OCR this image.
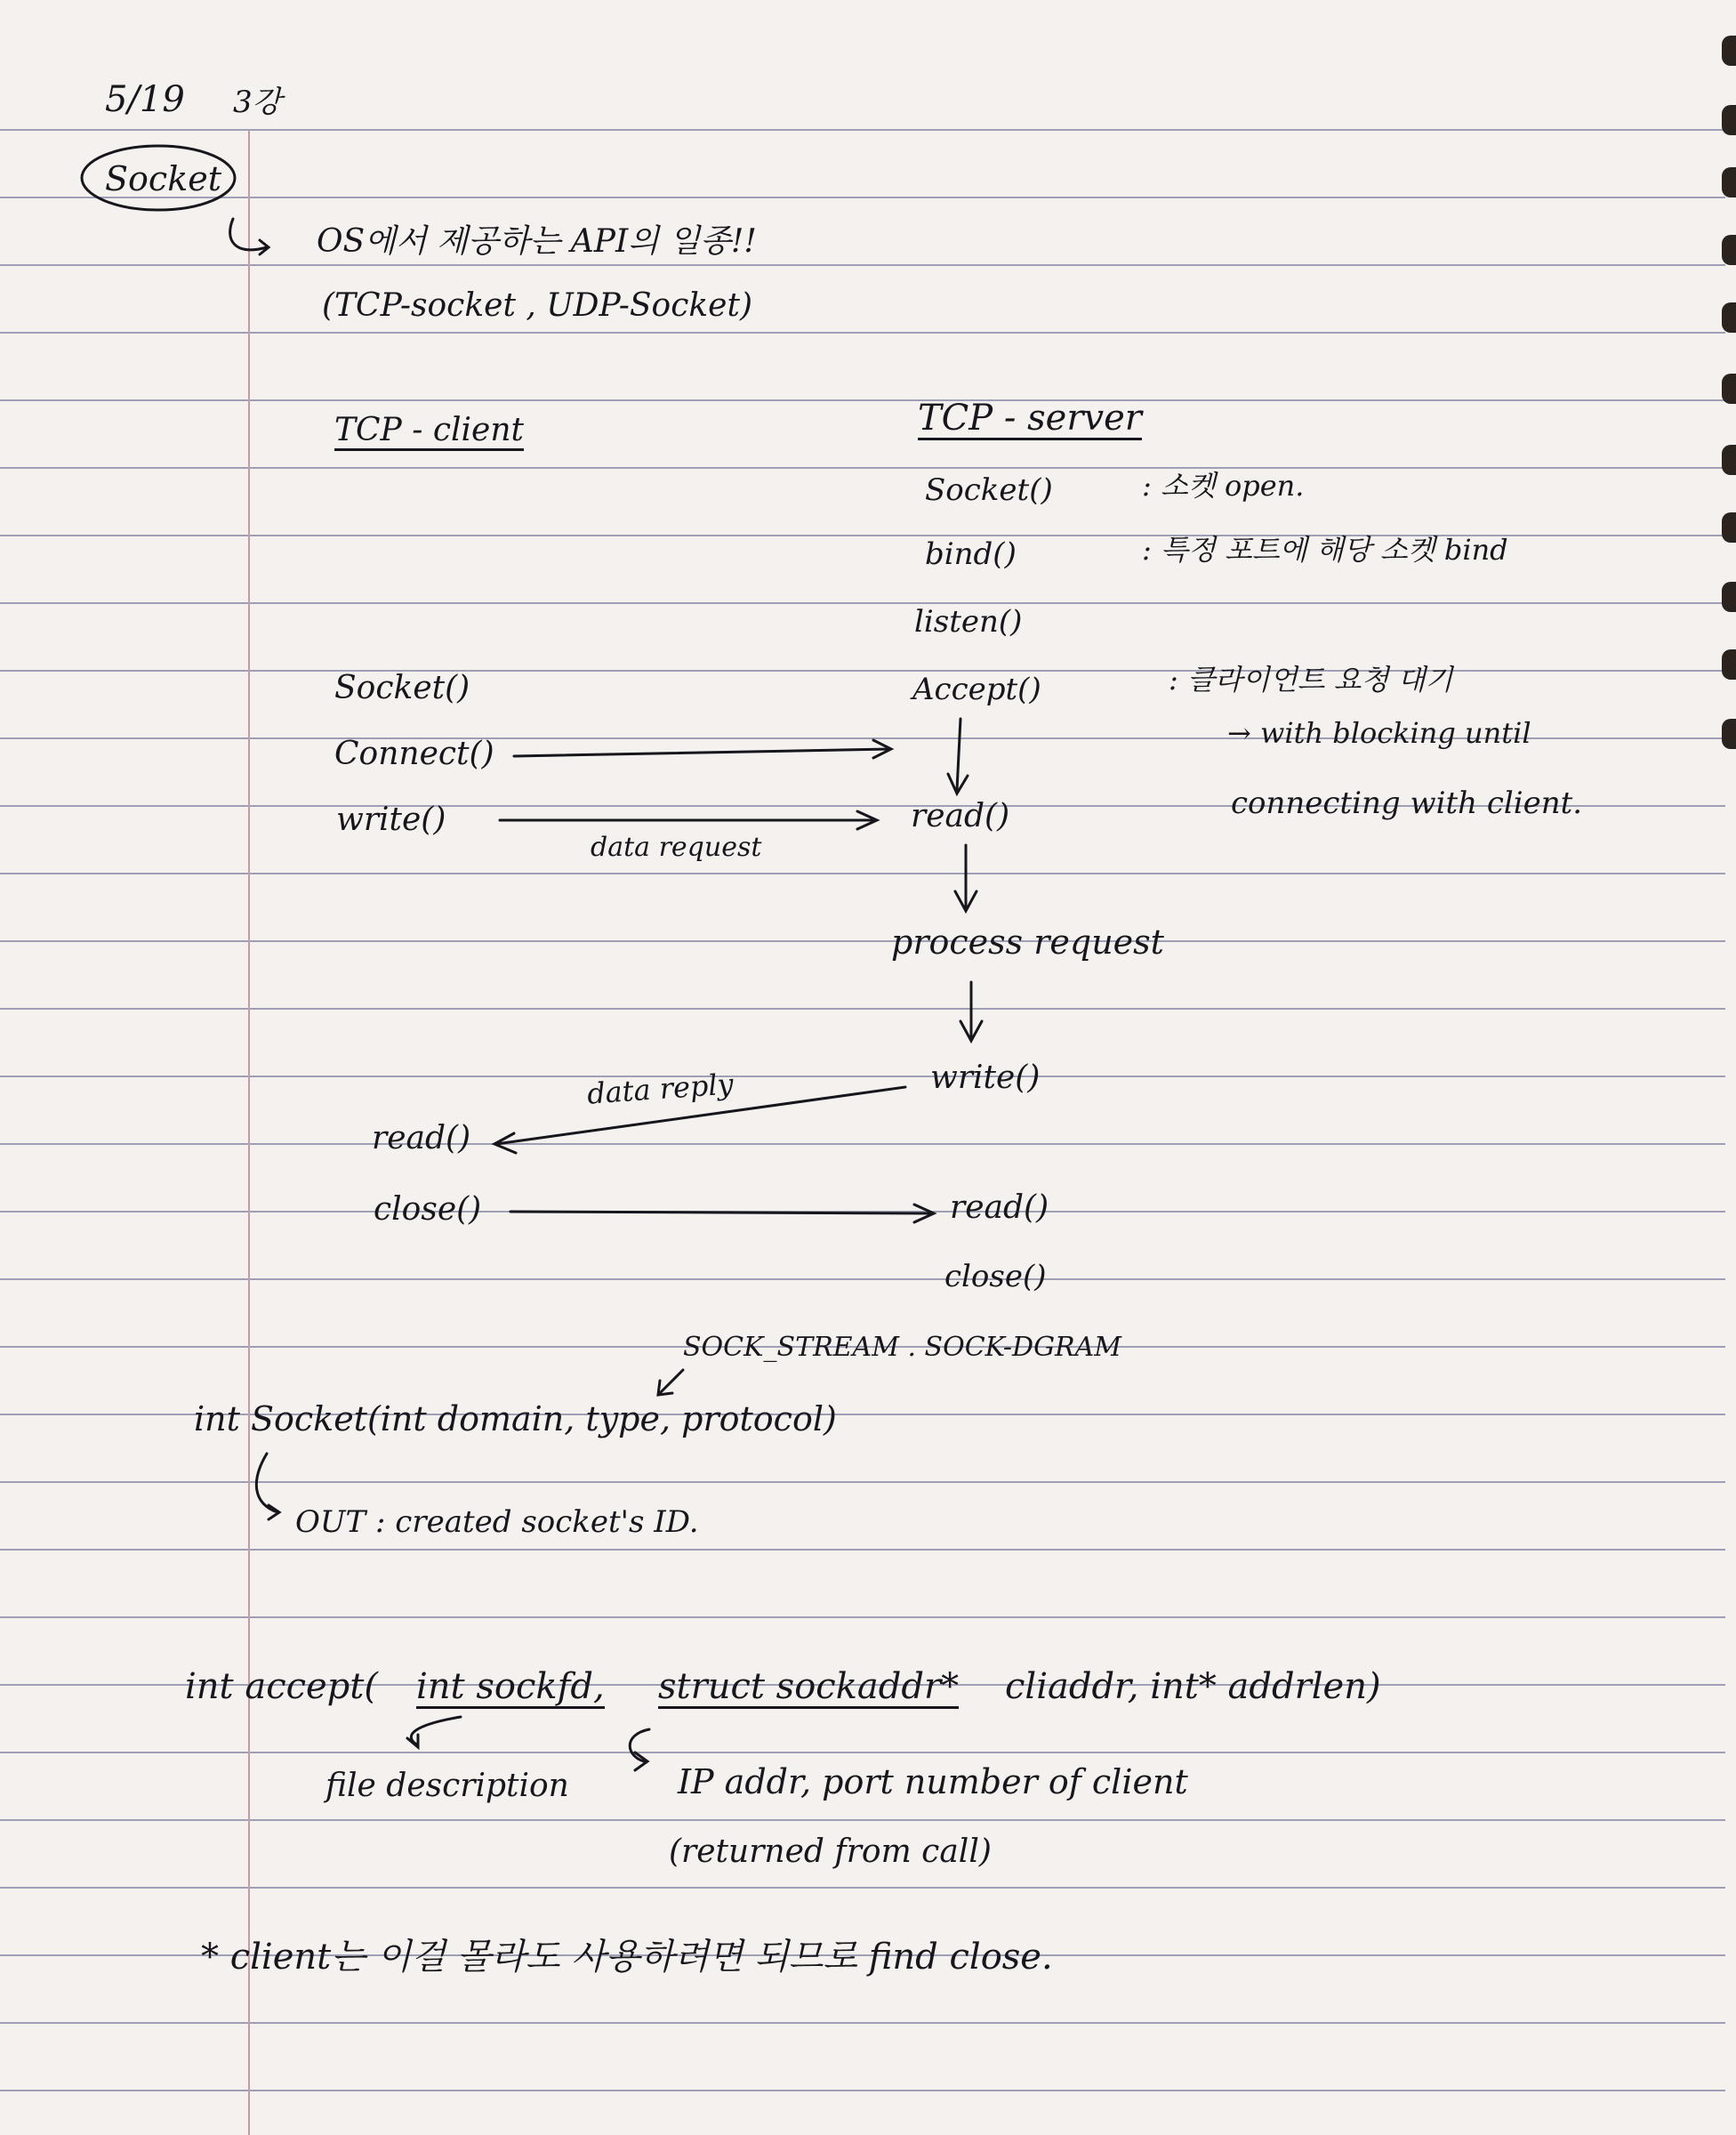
5/19 3강
Socket
OS에서 제공하는 API의 일종!!
(TCP-socket , UDP-Socket)
TCP - client	TCP - server
Socket()	: 소켓 open.
bind()	: 특정 포트에 해당 소켓 bind
listen()
Accept()	: 클라이언트 요청 대기
→ with blocking until
connecting with client.
read()
process request
write()
read()
close()
Socket()
Connect()
write()
read()
close()
data request
data reply
SOCK_STREAM . SOCK-DGRAM
int Socket(int domain, type, protocol)
OUT : created socket's ID.
int accept( int sockfd, struct sockaddr* cliaddr, int* addrlen)
file description	IP addr, port number of client
(returned from call)
* client는 이걸 몰라도 사용하려면 되므로 find close.
